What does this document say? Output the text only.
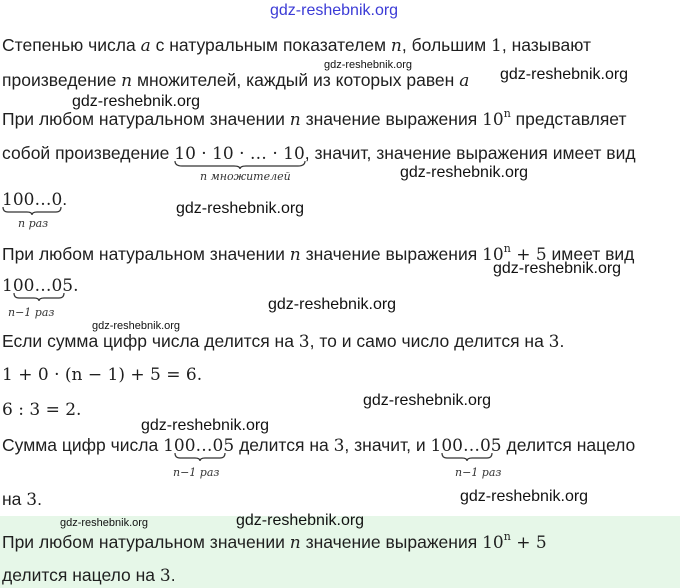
gdz-reshebnik.org
Степенью числа a с натуральным показателем n, большим 1, называют
произведение n множителей, каждый из которых равен a
При любом натуральном значении n значение выражения 10$^n$ представляет
собой произведение 10 · 10 · … · 10
, значит, значение выражения имеет вид
n множителей
100…0
.
n раз
При любом натуральном значении n значение выражения $10^n + 5$ имеет вид
100…0
5.
n−1 раз
Если сумма цифр числа делится на 3, то и само число делится на 3.
1 + 0 · (n − 1) + 5 = 6.
6 : 3 = 2.
Сумма цифр числа 100…0
5 делится на 3, значит, и 100…0
5 делится нацело
n−1 раз	n−1 раз
на 3.
При любом натуральном значении n значение выражения $10^n + 5$
делится нацело на 3.
gdz-reshebnik.org
gdz-reshebnik.org
gdz-reshebnik.org
gdz-reshebnik.org
gdz-reshebnik.org
gdz-reshebnik.org
gdz-reshebnik.org
gdz-reshebnik.org
gdz-reshebnik.org
gdz-reshebnik.org
gdz-reshebnik.org
gdz-reshebnik.org	gdz-reshebnik.org
